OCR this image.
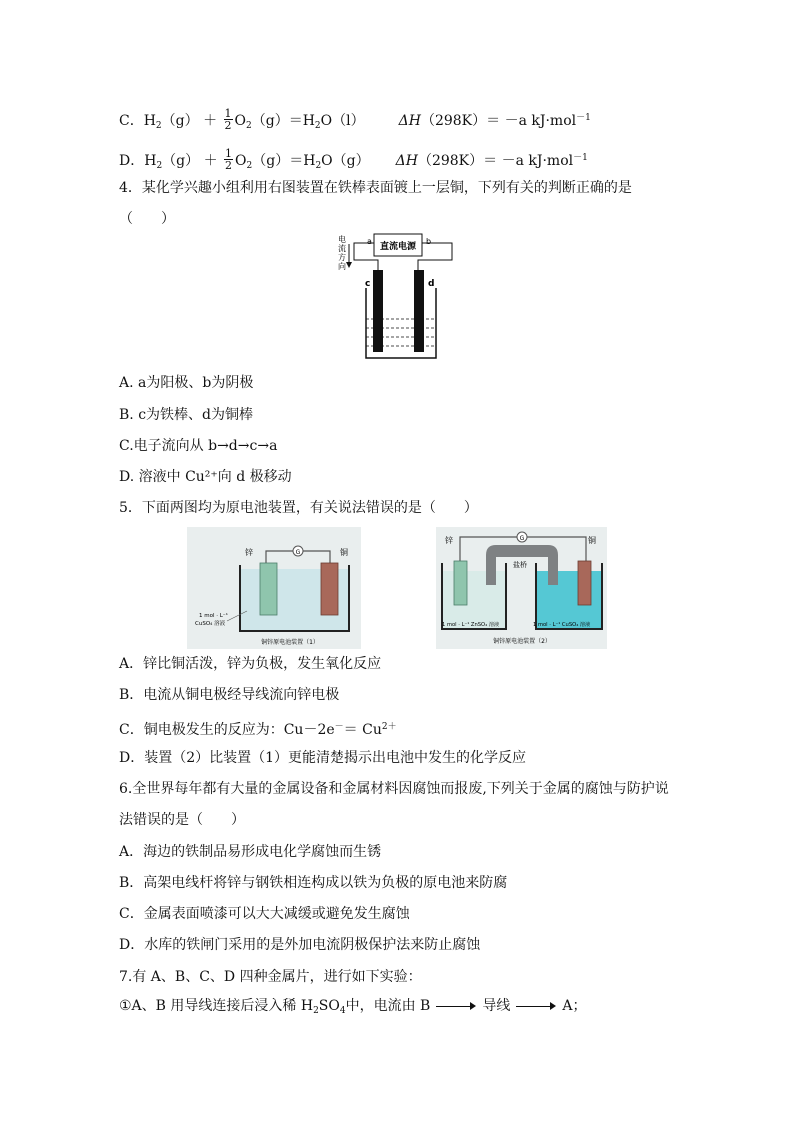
C．$H_2(g) + \frac{1}{2} O_2(g)=H_2O(l)$ ΔH（298K）＝ －a kJ·mol$^{-1}$
D．$H_2(g) + \frac{1}{2} O_2(g)=H_2O(g)$ ΔH（298K）＝ －a kJ·mol$^{-1}$
4．某化学兴趣小组利用右图装置在铁棒表面镀上一层铜，下列有关的判断正确的是
（　　）
电
流
方
向
直流电源
a	b
c	d
A. a为阳极、b为阴极
B. c为铁棒、d为铜棒
C.电子流向从 b→d→c→a
D. 溶液中 Cu²⁺向 d 极移动
5．下面两图均为原电池装置，有关说法错误的是（　　）
G
锌	铜
1 mol · L⁻¹
CuSO₄ 溶液
铜锌原电池装置（1）
盐桥
G
锌	铜
1 mol · L⁻¹ ZnSO₄ 溶液	1 mol · L⁻¹ CuSO₄ 溶液
铜锌原电池装置（2）
A．锌比铜活泼，锌为负极，发生氧化反应
B．电流从铜电极经导线流向锌电极
C．铜电极发生的反应为：$Cu-2e^-= Cu^{2+}$
D．装置（2）比装置（1）更能清楚揭示出电池中发生的化学反应
6.全世界每年都有大量的金属设备和金属材料因腐蚀而报废,下列关于金属的腐蚀与防护说
法错误的是（　　）
A．海边的铁制品易形成电化学腐蚀而生锈
B．高架电线杆将锌与钢铁相连构成以铁为负极的原电池来防腐
C．金属表面喷漆可以大大减缓或避免发生腐蚀
D．水库的铁闸门采用的是外加电流阴极保护法来防止腐蚀
7.有 A、B、C、D 四种金属片，进行如下实验：
①A、B 用导线连接后浸入稀 $H_2SO_4$中，电流由 B	导线	A；
